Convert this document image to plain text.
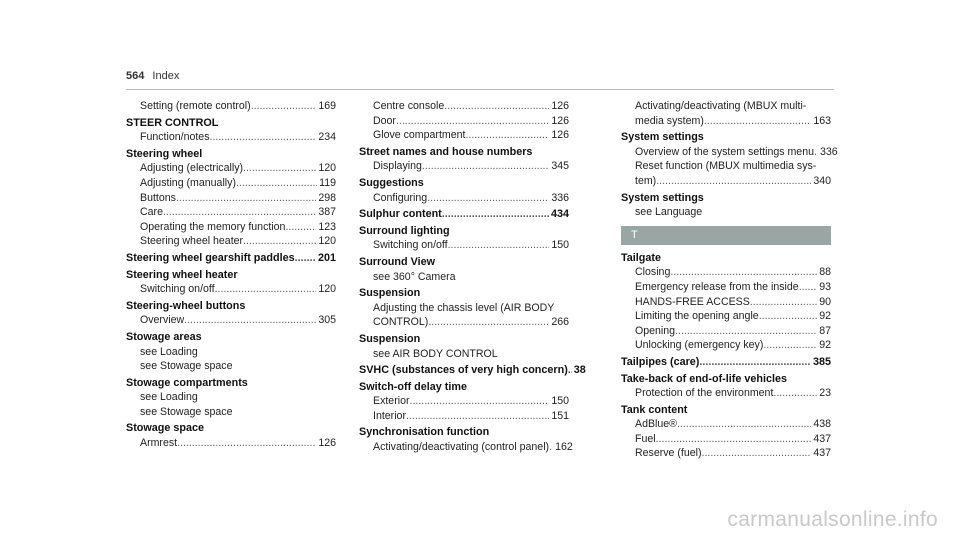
564 Index
Setting (remote control) .....	169
STEER CONTROL
Function/notes .....	234
Steering wheel
Adjusting (electrically) .....	120
Adjusting (manually) .....	119
Buttons .....	298
Care .....	387
Operating the memory function .....	123
Steering wheel heater .....	120
Steering wheel gearshift paddles ..... 201
Steering wheel heater
Switching on/off .....	120
Steering-wheel buttons
Overview .....	305
Stowage areas
see Loading
see Stowage space
Stowage compartments
see Loading
see Stowage space
Stowage space
Armrest .....	126
Centre console .....	126
Door .....	126
Glove compartment .....	126
Street names and house numbers
Displaying .....	345
Suggestions
Configuring .....	336
Sulphur content .....	434
Surround lighting
Switching on/off .....	150
Surround View
see 360° Camera
Suspension
Adjusting the chassis level (AIR BODY
CONTROL) .....	266
Suspension
see AIR BODY CONTROL
SVHC (substances of very high concern) ..... 38
Switch-off delay time
Exterior .....	150
Interior .....	151
Synchronisation function
Activating/deactivating (control panel) ..... 162
Activating/deactivating (MBUX multi-
media system) .....	163
System settings
Overview of the system settings menu ..... 336
Reset function (MBUX multimedia sys-
tem) .....	340
System settings
see Language
T
Tailgate
Closing .....	88
Emergency release from the inside ..... 93
HANDS-FREE ACCESS .....	90
Limiting the opening angle .....	92
Opening .....	87
Unlocking (emergency key) .....	92
Tailpipes (care) .....	385
Take-back of end-of-life vehicles
Protection of the environment .....	23
Tank content
AdBlue® .....	438
Fuel .....	437
Reserve (fuel) .....	437
carmanualsonline.info
